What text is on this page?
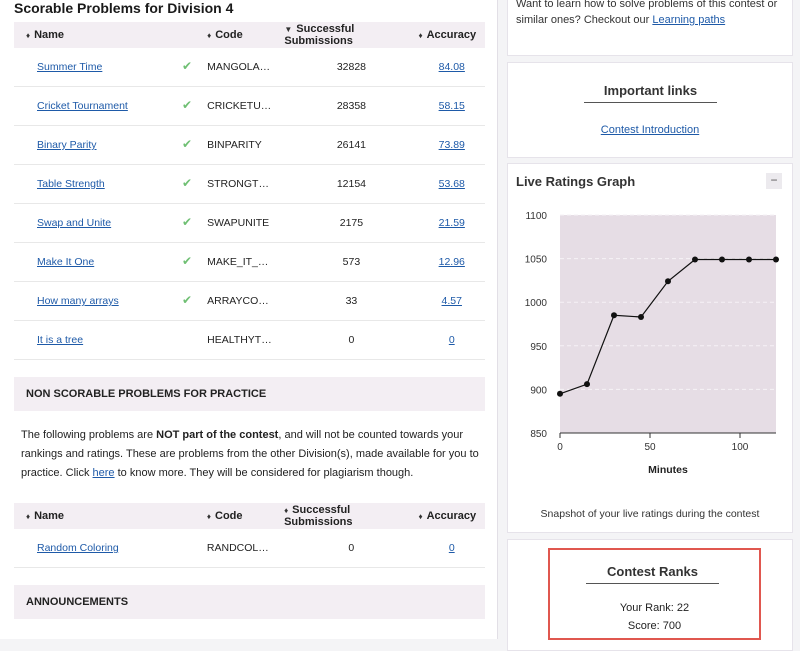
Scorable Problems for Division 4
♦ Name	♦ Code	▼ Successful Submissions	♦ Accuracy
Summer Time ✔	MANGOLA…	32828	84.08
Cricket Tournament ✔	CRICKETU…	28358	58.15
Binary Parity ✔	BINPARITY	26141	73.89
Table Strength ✔	STRONGT…	12154	53.68
Swap and Unite ✔	SWAPUNITE	2175	21.59
Make It One ✔	MAKE_IT_…	573	12.96
How many arrays ✔	ARRAYCO…	33	4.57
It is a tree	HEALTHYT…	0	0
NON SCORABLE PROBLEMS FOR PRACTICE
The following problems are NOT part of the contest, and will not be counted towards your rankings and ratings. These are problems from the other Division(s), made available for you to practice. Click here to know more. They will be considered for plagiarism though.
♦ Name	♦ Code	♦ Successful Submissions	♦ Accuracy
Random Coloring	RANDCOL…	0	0
ANNOUNCEMENTS
Want to learn how to solve problems of this contest or similar ones? Checkout our Learning paths
Important links
Contest Introduction
Live Ratings Graph	−
850
900
950
1000
1050
1100
0	50	100
Minutes
Snapshot of your live ratings during the contest
Contest Ranks
Your Rank: 22
Score: 700
